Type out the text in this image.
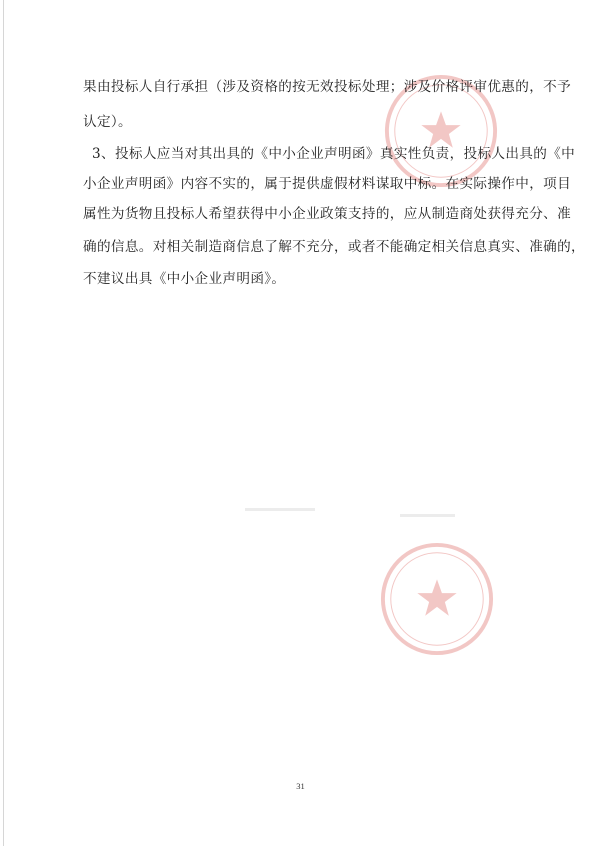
果由投标人自行承担（涉及资格的按无效投标处理；涉及价格评审优惠的，不予
认定）。
3、投标人应当对其出具的《中小企业声明函》真实性负责，投标人出具的《中
小企业声明函》内容不实的，属于提供虚假材料谋取中标。在实际操作中，项目
属性为货物且投标人希望获得中小企业政策支持的，应从制造商处获得充分、准
确的信息。对相关制造商信息了解不充分，或者不能确定相关信息真实、准确的，
不建议出具《中小企业声明函》。
31
